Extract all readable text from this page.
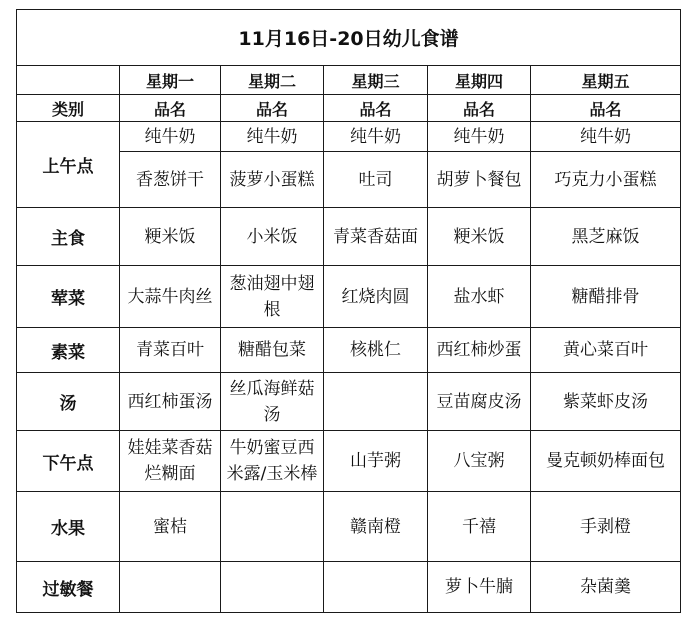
11月16日-20日幼儿食谱					
	星期一	星期二	星期三	星期四	星期五
类别	品名	品名	品名	品名	品名
上午点	纯牛奶	纯牛奶	纯牛奶	纯牛奶	纯牛奶
	香葱饼干	菠萝小蛋糕	吐司	胡萝卜餐包	巧克力小蛋糕
主食	粳米饭	小米饭	青菜香菇面	粳米饭	黑芝麻饭
荤菜	大蒜牛肉丝	葱油翅中翅根	红烧肉圆	盐水虾	糖醋排骨
素菜	青菜百叶	糖醋包菜	核桃仁	西红柿炒蛋	黄心菜百叶
汤	西红柿蛋汤	丝瓜海鲜菇汤		豆苗腐皮汤	紫菜虾皮汤
下午点	娃娃菜香菇烂糊面	牛奶蜜豆西米露/玉米棒	山芋粥	八宝粥	曼克顿奶棒面包
水果	蜜桔		赣南橙	千禧	手剥橙
过敏餐				萝卜牛腩	杂菌羹
